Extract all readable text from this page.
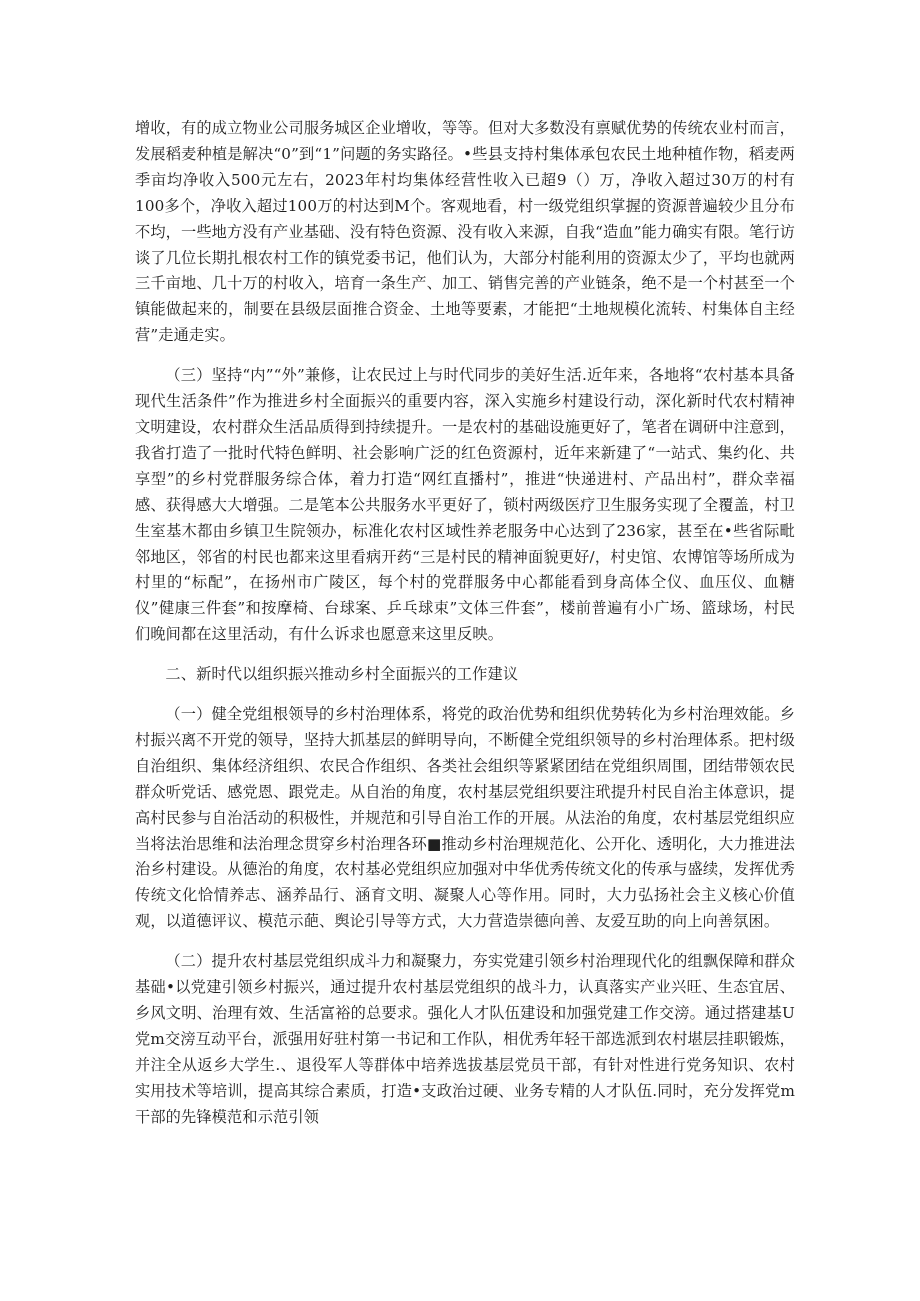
增收，有的成立物业公司服务城区企业增收，等等。但对大多数没有禀赋优势的传统农业村而言，发展稻麦种植是解决“0”到“1”问题的务实路径。•些县支持村集体承包农民土地种植作物，稻麦两季亩均净收入500元左右，2023年村均集体经营性收入已超9（）万，净收入超过30万的村有100多个，净收入超过100万的村达到M个。客观地看，村一级党组织掌握的资源普遍较少且分布不均，一些地方没有产业基础、没有特色资源、没有收入来源，自我“造血”能力确实有限。笔行访谈了几位长期扎根农村工作的镇党委书记，他们认为，大部分村能利用的资源太少了，平均也就两三千亩地、几十万的村收入，培育一条生产、加工、销售完善的产业链条，绝不是一个村甚至一个镇能做起来的，制要在县级层面推合资金、土地等要素，才能把“土地规模化流转、村集体自主经营”走通走实。

（三）坚持“内”“外”兼修，让农民过上与时代同步的美好生活.近年来，各地将“农村基本具备现代生活条件”作为推进乡村全面振兴的重要内容，深入实施乡村建设行动，深化新时代农村精神文明建设，农村群众生活品质得到持续提升。一是农村的基础设施更好了，笔者在调研中注意到，我省打造了一批时代特色鲜明、社会影响广泛的红色资源村，近年来新建了“一站式、集约化、共享型”的乡村党群服务综合体，着力打造“网红直播村”，推进“快递进村、产品出村”，群众幸福感、获得感大大增强。二是笔本公共服务水平更好了，锁村两级医疗卫生服务实现了全覆盖，村卫生室基木都由乡镇卫生院领办，标准化农村区域性养老服务中心达到了236家，甚至在•些省际毗邻地区，邻省的村民也都来这里看病开药“三是村民的精神面貌更好/，村史馆、农博馆等场所成为村里的“标配”，在扬州市广陵区，每个村的党群服务中心都能看到身高体仝仪、血压仪、血糖仪”健康三件套”和按摩椅、台球案、乒乓球束”文体三件套”，楼前普遍有小广场、篮球场，村民们晚间都在这里活动，有什么诉求也愿意来这里反映。

二、新时代以组织振兴推动乡村全面振兴的工作建议

（一）健全党组根领导的乡村治理体系，将党的政治优势和组织优势转化为乡村治理效能。乡村振兴离不开党的领导，坚持大抓基层的鲜明导向，不断健全党组织领导的乡村治理体系。把村级自治组织、集体经济组织、农民合作组织、各类社会组织等紧紧团结在党组织周围，团结带领农民群众听党话、感党恩、跟党走。从自治的角度，农村基层党组织要注玳提升村民自治主体意识，提高村民参与自治活动的积极性，并规范和引导自治工作的开展。从法治的角度，农村基层党组织应当将法治思维和法治理念贯穿乡村治理各环■推动乡村治理规范化、公开化、透明化，大力推进法治乡村建设。从德治的角度，农村基必党组织应加强对中华优秀传统文化的传承与盛续，发挥优秀传统文化恰情养志、涵养品行、涵育文明、凝聚人心等作用。同时，大力弘扬社会主义核心价值观，以道德评议、模范示葩、舆论引导等方式，大力营造崇德向善、友爱互助的向上向善氛困。

（二）提升农村基层党组织成斗力和凝聚力，夯实党建引领乡村治理现代化的组飘保障和群众基础•以党建引领乡村振兴，通过提升农村基层党组织的战斗力，认真落实产业兴旺、生态宜居、乡风文明、治理有效、生活富裕的总要求。强化人才队伍建设和加强党建工作交滂。通过搭建基U党m交滂互动平台，派强用好驻村第一书记和工作队，相优秀年轻干部选派到农村堪层挂职锻炼，并注全从返乡大学生.、退役军人等群体中培养选拔基层党员干部，有针对性进行党务知识、农村实用技术等培训，提高其综合素质，打造•支政治过硬、业务专精的人才队伍.同时，充分发挥党m干部的先锋模范和示范引领
